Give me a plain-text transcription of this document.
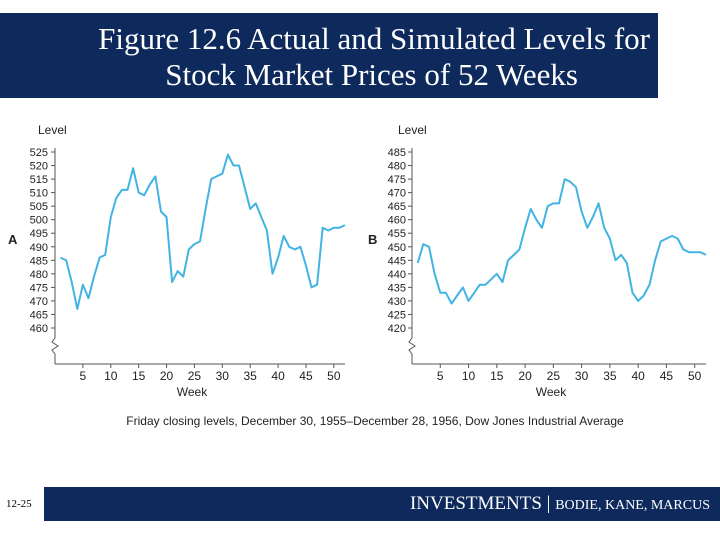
Figure 12.6 Actual and Simulated Levels for
Stock Market Prices of 52 Weeks
Level
A
460
465
470
475
480
485
490
495
500
505
510
515
520
525
5 10 15 20 25 30 35 40 45 50
Week
Level
B
420
425
430
435
440
445
450
455
460
465
470
475
480
485
5 10 15 20 25 30 35 40 45 50
Week
Friday closing levels, December 30, 1955–December 28, 1956, Dow Jones Industrial Average
12-25	INVESTMENTS | BODIE, KANE, MARCUS
